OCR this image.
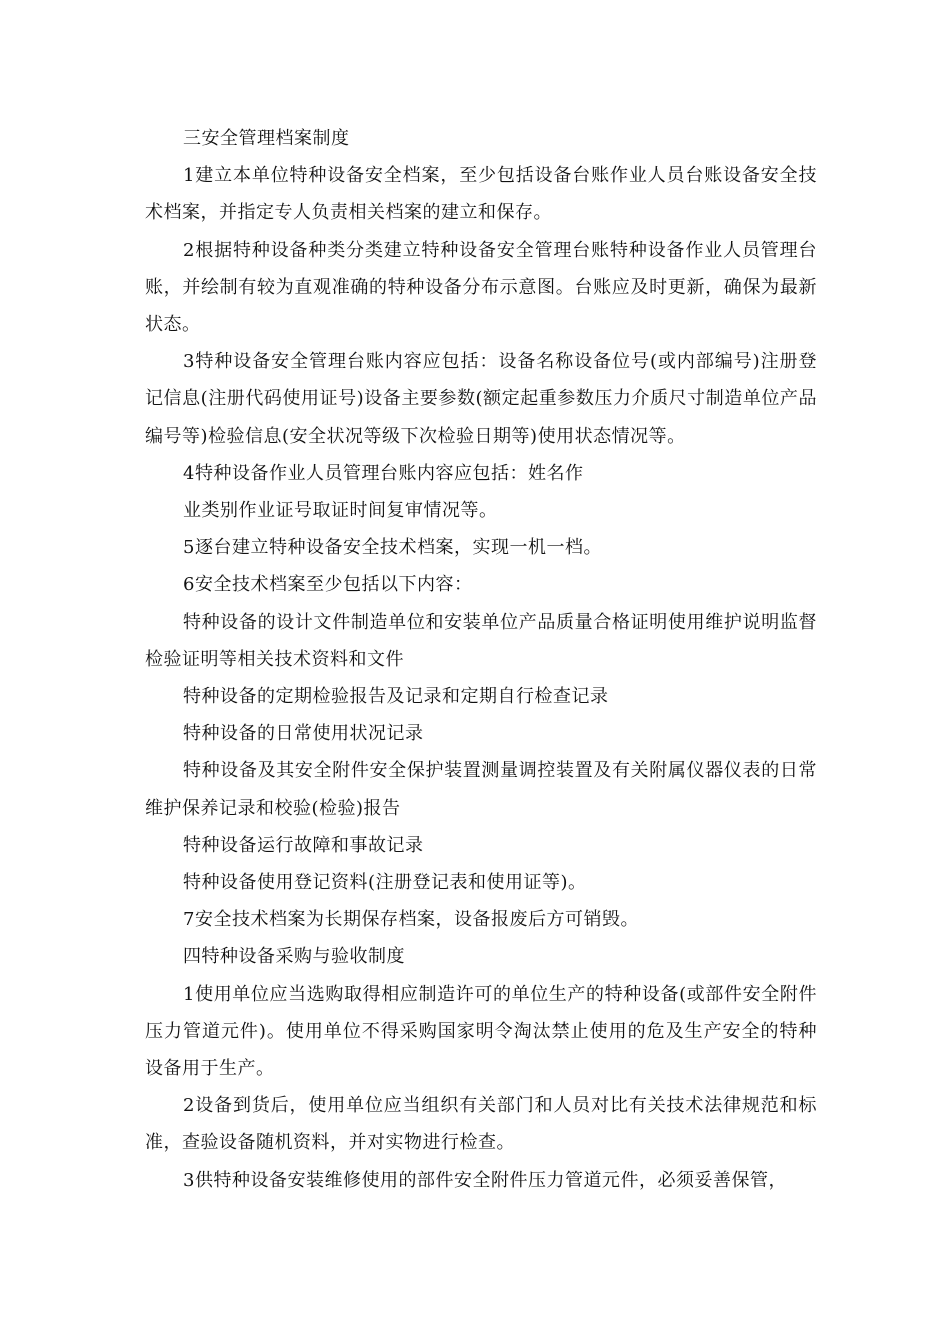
三安全管理档案制度

1建立本单位特种设备安全档案，至少包括设备台账作业人员台账设备安全技术档案，并指定专人负责相关档案的建立和保存。

2根据特种设备种类分类建立特种设备安全管理台账特种设备作业人员管理台账，并绘制有较为直观准确的特种设备分布示意图。台账应及时更新，确保为最新状态。

3特种设备安全管理台账内容应包括：设备名称设备位号(或内部编号)注册登记信息(注册代码使用证号)设备主要参数(额定起重参数压力介质尺寸制造单位产品编号等)检验信息(安全状况等级下次检验日期等)使用状态情况等。

4特种设备作业人员管理台账内容应包括：姓名作

业类别作业证号取证时间复审情况等。

5逐台建立特种设备安全技术档案，实现一机一档。

6安全技术档案至少包括以下内容：

特种设备的设计文件制造单位和安装单位产品质量合格证明使用维护说明监督检验证明等相关技术资料和文件

特种设备的定期检验报告及记录和定期自行检查记录

特种设备的日常使用状况记录

特种设备及其安全附件安全保护装置测量调控装置及有关附属仪器仪表的日常维护保养记录和校验(检验)报告

特种设备运行故障和事故记录

特种设备使用登记资料(注册登记表和使用证等)。

7安全技术档案为长期保存档案，设备报废后方可销毁。

四特种设备采购与验收制度

1使用单位应当选购取得相应制造许可的单位生产的特种设备(或部件安全附件压力管道元件)。使用单位不得采购国家明令淘汰禁止使用的危及生产安全的特种设备用于生产。

2设备到货后，使用单位应当组织有关部门和人员对比有关技术法律规范和标准，查验设备随机资料，并对实物进行检查。

3供特种设备安装维修使用的部件安全附件压力管道元件，必须妥善保管，
